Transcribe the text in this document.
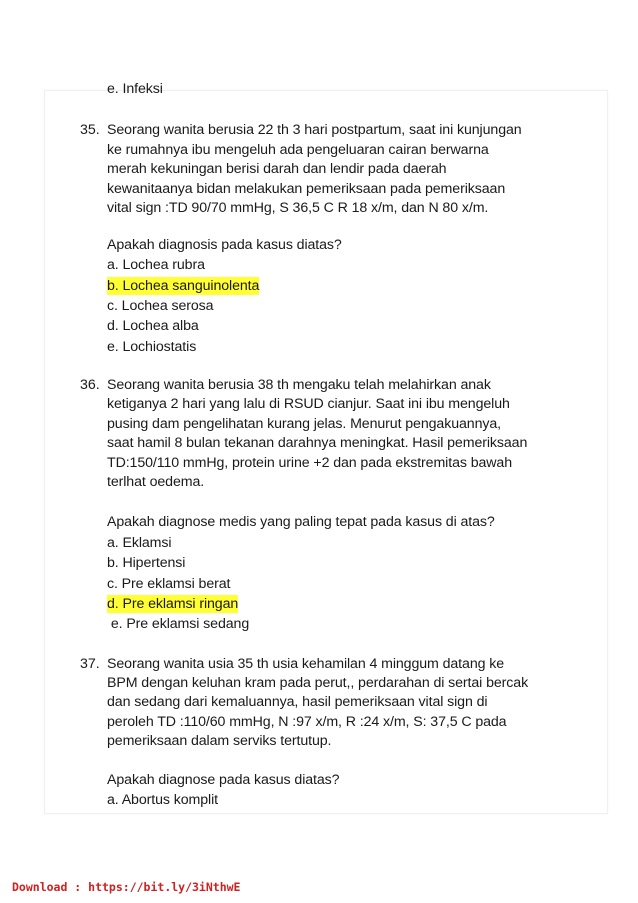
e. Infeksi
35. Seorang wanita berusia 22 th 3 hari postpartum, saat ini kunjungan
ke rumahnya ibu mengeluh ada pengeluaran cairan berwarna
merah kekuningan berisi darah dan lendir pada daerah
kewanitaanya bidan melakukan pemeriksaan pada pemeriksaan
vital sign :TD 90/70 mmHg, S 36,5 C R 18 x/m, dan N 80 x/m.
Apakah diagnosis pada kasus diatas?
a. Lochea rubra
b. Lochea sanguinolenta
c. Lochea serosa
d. Lochea alba
e. Lochiostatis
36. Seorang wanita berusia 38 th mengaku telah melahirkan anak
ketiganya 2 hari yang lalu di RSUD cianjur. Saat ini ibu mengeluh
pusing dam pengelihatan kurang jelas. Menurut pengakuannya,
saat hamil 8 bulan tekanan darahnya meningkat. Hasil pemeriksaan
TD:150/110 mmHg, protein urine +2 dan pada ekstremitas bawah
terlhat oedema.
Apakah diagnose medis yang paling tepat pada kasus di atas?
a. Eklamsi
b. Hipertensi
c. Pre eklamsi berat
d. Pre eklamsi ringan
e. Pre eklamsi sedang
37. Seorang wanita usia 35 th usia kehamilan 4 minggum datang ke
BPM dengan keluhan kram pada perut,, perdarahan di sertai bercak
dan sedang dari kemaluannya, hasil pemeriksaan vital sign di
peroleh TD :110/60 mmHg, N :97 x/m, R :24 x/m, S: 37,5 C pada
pemeriksaan dalam serviks tertutup.
Apakah diagnose pada kasus diatas?
a. Abortus komplit
Download : https://bit.ly/3iNthwE
